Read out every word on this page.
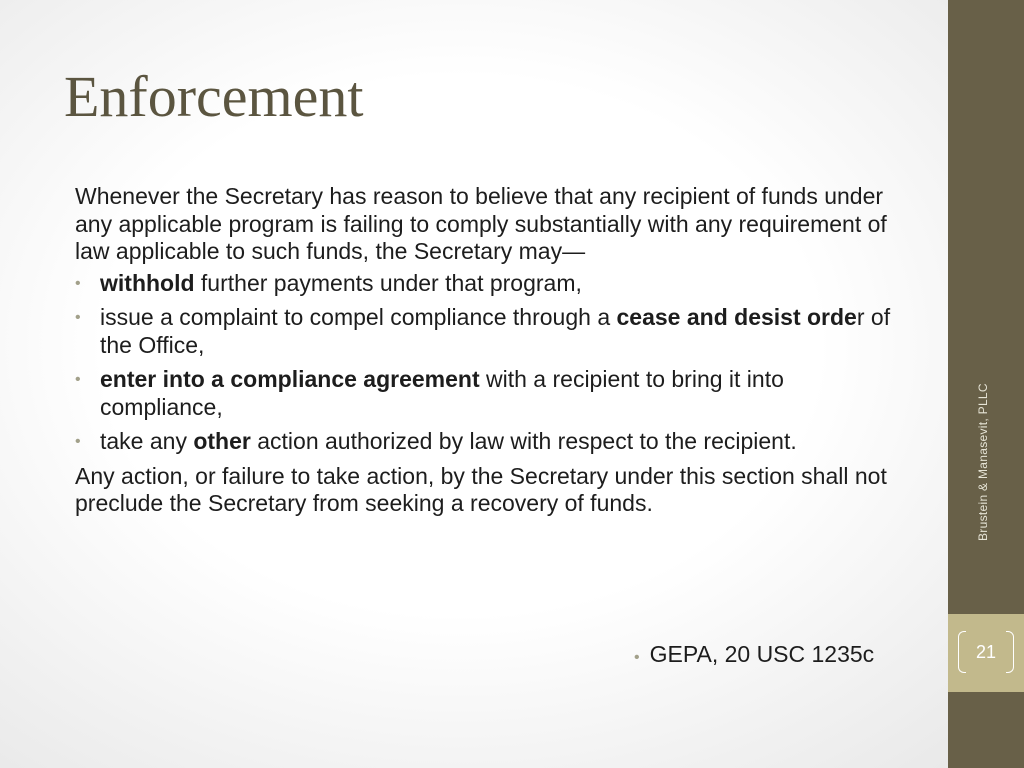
Enforcement

Whenever the Secretary has reason to believe that any recipient of funds under any applicable program is failing to comply substantially with any requirement of law applicable to such funds, the Secretary may—

• withhold further payments under that program,
• issue a complaint to compel compliance through a cease and desist order of the Office,
• enter into a compliance agreement with a recipient to bring it into compliance,
• take any other action authorized by law with respect to the recipient.

Any action, or failure to take action, by the Secretary under this section shall not preclude the Secretary from seeking a recovery of funds.

• GEPA, 20 USC 1235c
Brustein & Manasevit, PLLC
21
